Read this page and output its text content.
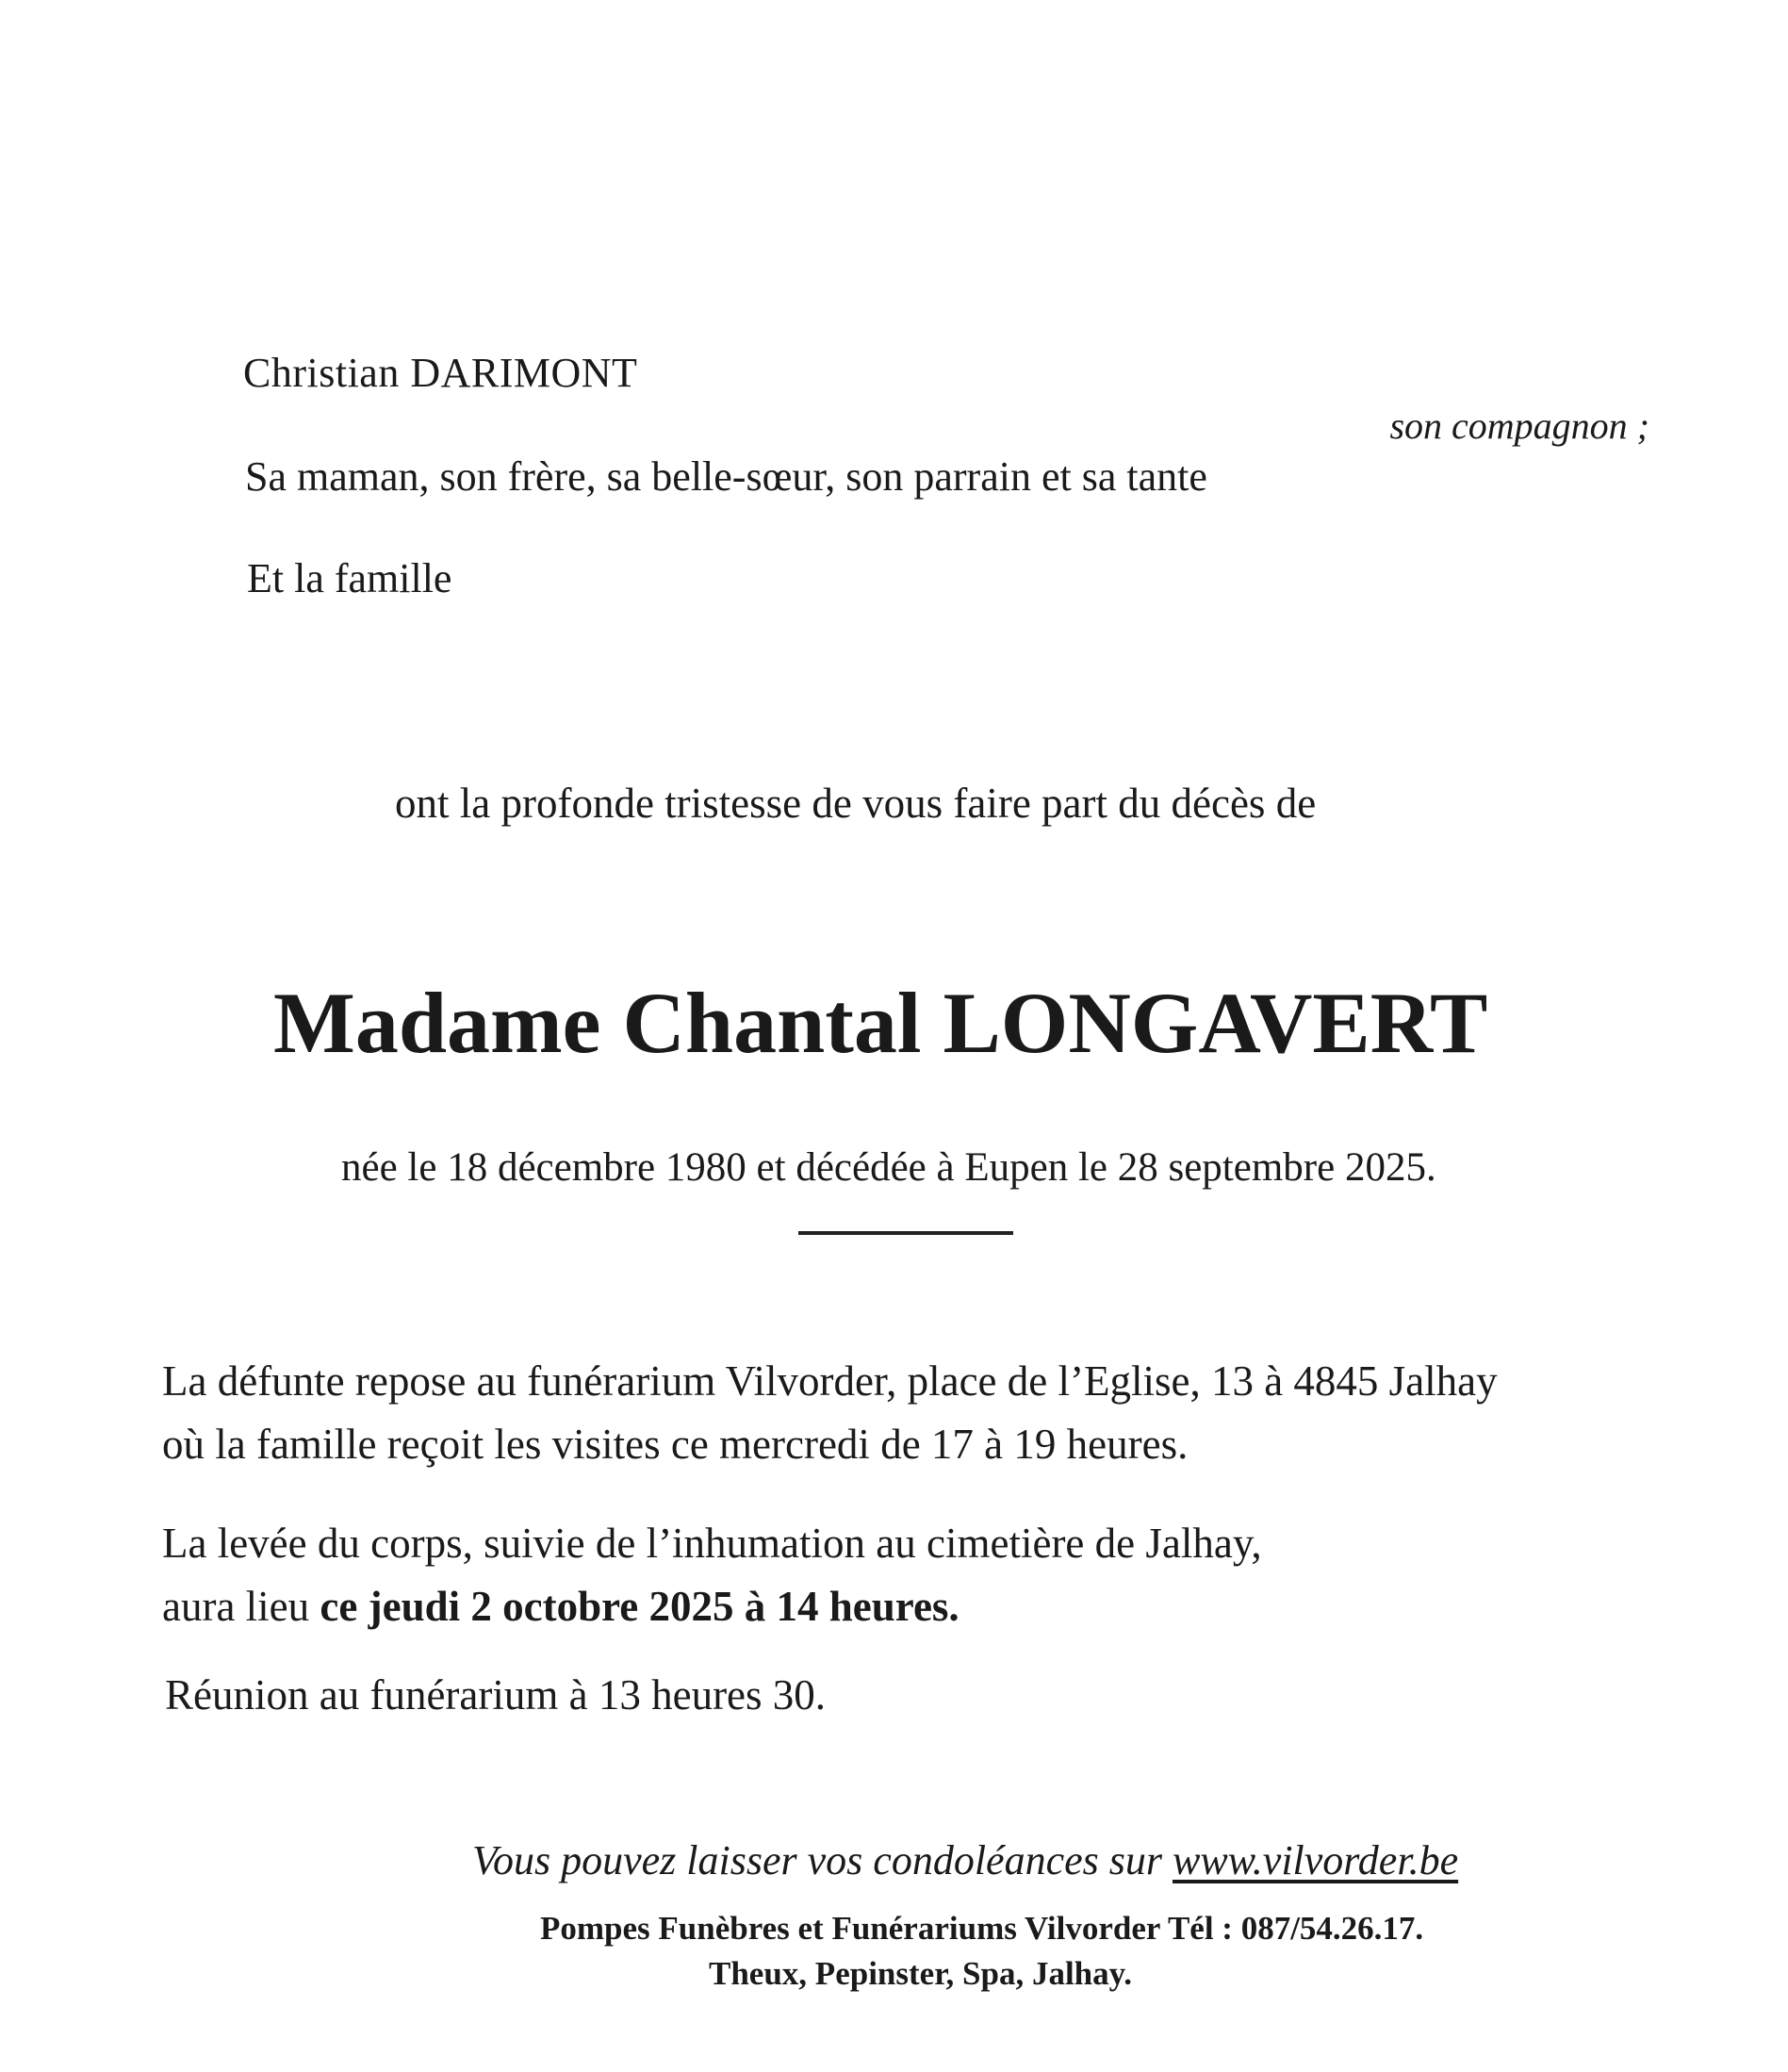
Christian DARIMONT
son compagnon ;
Sa maman, son frère, sa belle-sœur, son parrain et sa tante
Et la famille
ont la profonde tristesse de vous faire part du décès de
Madame Chantal LONGAVERT
née le 18 décembre 1980 et décédée à Eupen le 28 septembre 2025.
La défunte repose au funérarium Vilvorder, place de l’Eglise, 13 à 4845 Jalhay
où la famille reçoit les visites ce mercredi de 17 à 19 heures.
La levée du corps, suivie de l’inhumation au cimetière de Jalhay,
aura lieu ce jeudi 2 octobre 2025 à 14 heures.
Réunion au funérarium à 13 heures 30.
Vous pouvez laisser vos condoléances sur www.vilvorder.be
Pompes Funèbres et Funérariums Vilvorder Tél : 087/54.26.17.
Theux, Pepinster, Spa, Jalhay.
